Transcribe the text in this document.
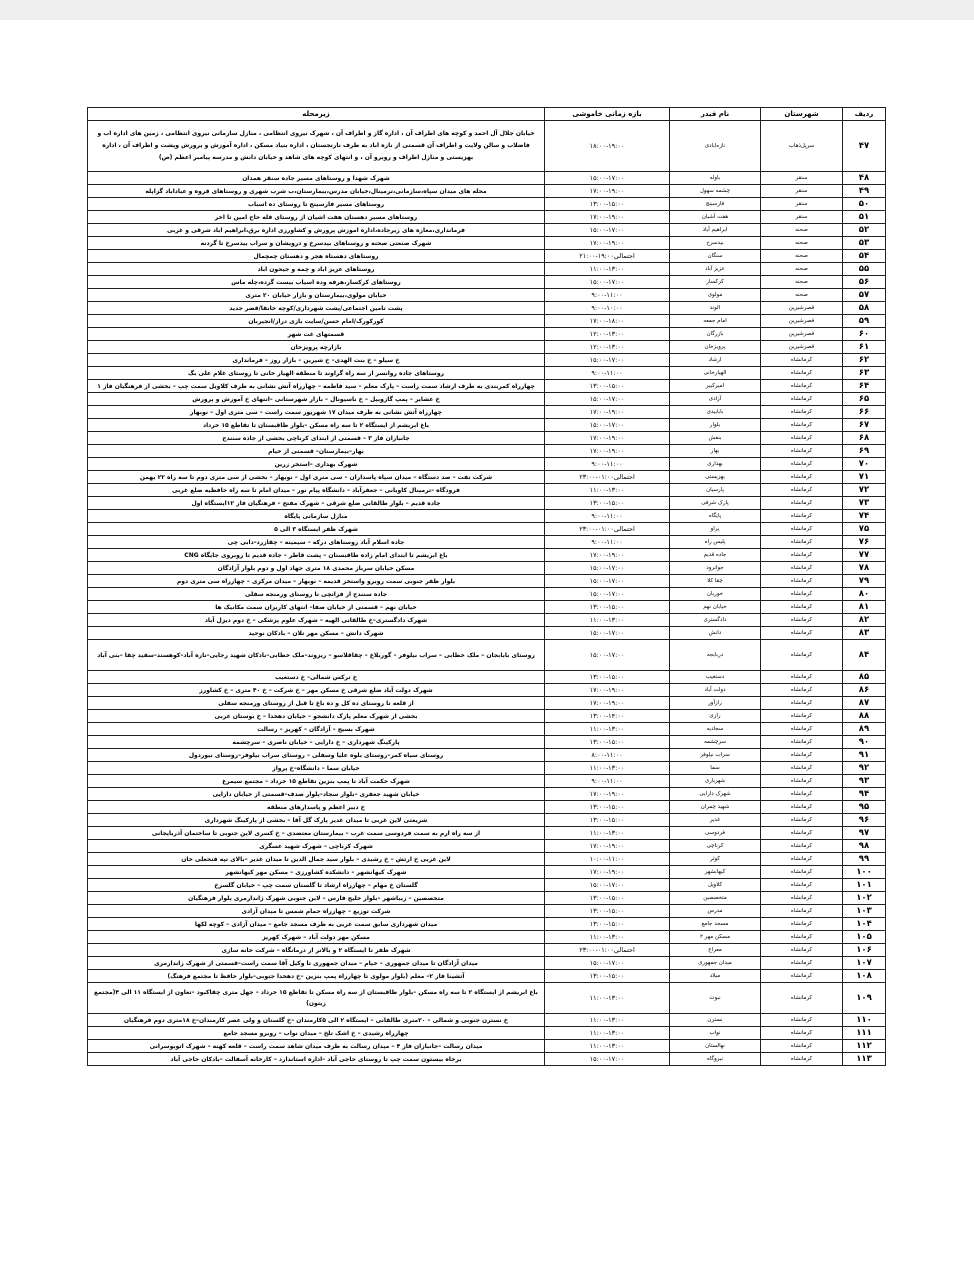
ردیف	شهرستان	نام فیدر	بازه زمانی خاموشی	زیرمحله
۴۷	سرپل‌ذهاب	نازه‌ابادی	۱۸:۰۰-۱۹:۰۰	خیابان جلال آل احمد و کوچه های اطراف آن ، اداره گاز و اطراف آن ، شهرک نیروی انتظامی ، منازل سازمانی نیروی انتظامی ، زمین های اداره اب و فاضلاب و سالن ولایت و اطراف آن قسمتی از نازه اباد به طرف نارنجستان ، اداره بنیاد مسکن ، اداره آموزش و پرورش وپشت و اطراف آن ، اداره بهزیستی و منازل اطراف و روبرو آن ، و انتهای کوچه های شاهد و خیابان دانش و مدرسه پیامبر اعظم (ص)
۴۸	سنقر	باوله	۱۵:۰۰-۱۷:۰۰	شهرک شهدا و روستاهای مسیر جاده سنقر همدان
۴۹	سنقر	چشمه سهول	۱۷:۰۰-۱۹:۰۰	محله های میدان سپاه،سازمانی،ترمینال،خیابان مدرس،بیمارستان،ب شرب شهری و روستاهای قروه و عباداباد گزاپله
۵۰	سنقر	فارسینج	۱۳:۰۰-۱۵:۰۰	روستاهای مسیر فارسینج تا روستای ده اسباب
۵۱	سنقر	هفت آشیان	۱۷:۰۰-۱۹:۰۰	روستاهای مسیر دهستان هفت اشیان از روستای قله حاج امین تا اخر
۵۲	صحنه	ابراهیم آباد	۱۵:۰۰-۱۷:۰۰	فرمانداری،مغازه های زیرجاده،اداره اموزش پرورش و کشاورزی اداره برق،ابراهیم اباد شرقی و غربی
۵۳	صحنه	بیدسرخ	۱۷:۰۰-۱۹:۰۰	شهرک صنعتی صحنه و روستاهای بیدسرخ و درویشان و سراب بیدسرخ تا گردنه
۵۴	صحنه	سنگان	۲۱:۰۰-۱۹:۰۰احتمالی	روستاهای دهستاه هجر و دهستان چمچمال
۵۵	صحنه	عزیز آباد	۱۱:۰۰-۱۳:۰۰	روستاهای عزیز اباد و چمه و جیحون اباد
۵۶	صحنه	کرکسار	۱۵:۰۰-۱۷:۰۰	روستاهای کرکسار،هرفه وده اسیاب بیست گرده،چله ماس
۵۷	صحنه	مولوی	۹:۰۰-۱۱:۰۰	خیابان مولوی،بیمارستان و بازار خیابان ۲۰ متری
۵۸	قصرشیرین	الوند	۹:۰۰-۱۰:۰۰	پشت تامین اجتماعی/پشت شهرداری/کوچه خانقا/قصر جدید
۵۹	قصرشیرین	امام جمعه	۱۷:۰۰-۱۸:۰۰	کورکورک/امام حسن/سایت بازی دراز/انجیربان
۶۰	قصرشیرین	بازرگان	۱۲:۰۰-۱۳:۰۰	قسمتهای غت شهر
۶۱	قصرشیرین	پرویزخان	۱۲:۰۰-۱۳:۰۰	بازارچه پرویزخان
۶۲	کرمانشاه	ارشاد	۱۵:۰۰-۱۷:۰۰	خ سیلو – خ بنت الهدی– خ شیرین – بازار روز – فرمانداری
۶۳	کرمانشاه	الهیارخانی	۹:۰۰-۱۱:۰۰	روستاهای جاده روانسر از سه راه گراوند تا منطقه الهیار خانی تا روستای غلام علی بگ
۶۴	کرمانشاه	امیرکبیر	۱۳:۰۰-۱۵:۰۰	چهارراه کمربندی به طرف ارشاد سمت راست – پارک معلم – سید فاطمه – چهارراه آتش نشانی به طرف کلاویل سمت چپ – بخشی از فرهنگیان فاز ۱
۶۵	کرمانشاه	آزادی	۱۵:۰۰-۱۷:۰۰	خ عشایر – پمپ گازوییل – خ ناسیونال – بازار شهرستانی –انتهای خ آموزش و پرورش
۶۶	کرمانشاه	بابابیدی	۱۷:۰۰-۱۹:۰۰	چهارراه آتش نشانی به طرف میدان ۱۷ شهریور سمت راست – سی متری اول – نوبهار
۶۷	کرمانشاه	بلوار	۱۵:۰۰-۱۷:۰۰	باغ ابریشم از ایستگاه ۲ تا سه راه مسکن –بلوار طاقبستان تا تقاطع ۱۵ خرداد
۶۸	کرمانشاه	بنفش	۱۷:۰۰-۱۹:۰۰	جانبازان فاز ۳ – قسمتی از ابتدای کرناچی بخشی از جاده سنندج
۶۹	کرمانشاه	بهار	۱۷:۰۰-۱۹:۰۰	بهار–بیمارستان– قسمتی از خیام
۷۰	کرمانشاه	بهداری	۹:۰۰-۱۱:۰۰	شهرک بهداری –استخر زرین
۷۱	کرمانشاه	بهزیستی	۲۳:۰۰-۰۱:۰۰احتمالی	شرکت نفت – صد دستگاه – میدان سپاه پاسداران – سی متری اول – نوبهار – بخشی از سی متری دوم تا سه راه ۲۲ بهمن
۷۲	کرمانشاه	پارسیان	۱۱:۰۰-۱۳:۰۰	فرودگاه –ترمینال کاویانی – جعفرآباد – دانشگاه پیام نور – میدان امام تا سه راه حافظیه ضلع غربی
۷۳	کرمانشاه	پارک شرقی	۱۳:۰۰-۱۵:۰۰	جاده قدیم – بلوار طالقانی ضلع شرقی – شهرک مفتح – فرهنگیان فاز ۱۲ایستگاه اول
۷۴	کرمانشاه	پایگاه	۹:۰۰-۱۱:۰۰	منازل سازمانی پایگاه
۷۵	کرمانشاه	پراو	۲۳:۰۰-۰۱:۰۰احتمالی	شهرک ظفر ایستگاه ۳ الی ۵
۷۶	کرمانشاه	پلیس راه	۹:۰۰-۱۱:۰۰	جاده اسلام آباد روستاهای درکه – سیمینه – چقازرد–دابی چی
۷۷	کرمانشاه	جاده قدیم	۱۷:۰۰-۱۹:۰۰	باغ ابریشم تا ابتدای امام زاده طاقبستان – پشت قاطر – جاده قدیم تا روبروی جایگاه CNG
۷۸	کرمانشاه	جوانرود	۱۵:۰۰-۱۷:۰۰	مسکن خیابان سرباز محمدی ۱۸ متری جهاد اول و دوم بلوار آزادگان
۷۹	کرمانشاه	چقا کلا	۱۵:۰۰-۱۷:۰۰	بلوار ظفر جنوبی سمت روبرو واستخر قدیمه – نوبهار – میدان مرکزی – چهارراه سی متری دوم
۸۰	کرمانشاه	خوربان	۱۵:۰۰-۱۷:۰۰	جاده سنندج از فرانچی تا روستای ورمنجه سفلی
۸۱	کرمانشاه	خیابان نهم	۱۳:۰۰-۱۵:۰۰	خیابان نهم – قسمتی از خیابان صفا– انتهای کاربزان سمت مکانیک ها
۸۲	کرمانشاه	دادگستری	۱۱:۰۰-۱۳:۰۰	شهرک دادگستری–خ طالقانی الهیه – شهرک علوم پزشکی – خ دوم دیزل آباد
۸۳	کرمانشاه	دانش	۱۵:۰۰-۱۷:۰۰	شهرک دانش – مسکن مهر تلان – بادکان نوحید
۸۴	کرمانشاه	دربابجه	۱۵:۰۰-۱۷:۰۰	روستای بابابجان – ملک خطابی – سراب نیلوفر – گوربلاغ – چقاقلاسو – ریزوند–ملک خطابی–بادکان شهید رجایی–نازه آباد–کوهسند–سفید چقا –بنی آباد
۸۵	کرمانشاه	دستغیب	۱۳:۰۰-۱۵:۰۰	خ ترکس شمالی– خ دستغیب
۸۶	کرمانشاه	دولت آباد	۱۷:۰۰-۱۹:۰۰	شهرک دولت آباد ضلع شرقی خ مسکن مهر – خ شرکت – خ ۴۰ متری – خ کشاورز
۸۷	کرمانشاه	رازآور	۱۷:۰۰-۱۹:۰۰	از قلعه تا روستای ده کل و ده باغ تا قبل از روستای ورمنجه سفلی
۸۸	کرمانشاه	رازی	۱۳:۰۰-۱۴:۰۰	بخشی از شهرک معلم پارک دانشجو – خیابان دهخدا – خ بوستان غربی
۸۹	کرمانشاه	سجادیه	۱۱:۰۰-۱۳:۰۰	شهرک بسیج – آزادگان – کهریز – رسالت
۹۰	کرمانشاه	سرچشمه	۱۳:۰۰-۱۵:۰۰	پارکینگ شهرداری – خ دارایی – خیابان ناصری – سرچشمه
۹۱	کرمانشاه	سراب نیلوفر	۸:۰۰-۱۱:۰۰	روستای سیاه کمر–روستای بلوه علیا وسفلی – روستای سراب نیلوفر–روستای نیوردول
۹۲	کرمانشاه	سما	۱۱:۰۰-۱۳:۰۰	خیابان سما – دانشگاه–خ پرواز
۹۳	کرمانشاه	شهرباری	۹:۰۰-۱۱:۰۰	شهرک حکمت آباد تا پمپ بنزین تقاطع ۱۵ خرداد – مجتمع سیمرغ
۹۴	کرمانشاه	شهرک دارایی	۱۷:۰۰-۱۹:۰۰	خیابان شهید جعفری –بلوار سجاد–بلوار صدف–قسمتی از خیابان دارایی
۹۵	کرمانشاه	شهید چمران	۱۳:۰۰-۱۵:۰۰	خ دبیر اعظم و پاسدارهای منطقه
۹۶	کرمانشاه	غدیر	۱۳:۰۰-۱۵:۰۰	شریعتی لاین غربی تا میدان غدیر پارک گل آقا – بخشی از پارکینگ شهرداری
۹۷	کرمانشاه	فردوسی	۱۱:۰۰-۱۳:۰۰	از سه راه ارم به سمت فردوسی سمت غرب – بیمارستان معتضدی – خ کسری لاین جنوبی تا ساختمان آذربایجانی
۹۸	کرمانشاه	کرناچی	۱۷:۰۰-۱۹:۰۰	شهرک کرناچی – شهرک شهید عسگری
۹۹	کرمانشاه	کوثر	۱۰:۰۰-۱۱:۰۰	لاین غربی خ ارتش – خ رشیدی – بلوار سید جمال الدین تا میدان غدیر –بالای تپه فتحعلی خان
۱۰۰	کرمانشاه	کیهانشهر	۱۷:۰۰-۱۹:۰۰	شهرک کیهانشهر – دانشکده کشاورزی – مسکن مهر کیهانشهر
۱۰۱	کرمانشاه	کلاویل	۱۵:۰۰-۱۷:۰۰	گلستان خ مهام – چهارراه ارشاد تا گلستان سمت چپ – خیابان گلسرخ
۱۰۲	کرمانشاه	متخصصین	۱۳:۰۰-۱۵:۰۰	متخصصین – زیباشهر –بلوار خلیج فارس – لاین جنوبی شهرک ژاندارمری بلوار فرهنگیان
۱۰۳	کرمانشاه	مدرس	۱۳:۰۰-۱۵:۰۰	شرکت توزیع – چهارراه حمام شمس تا میدان آزادی
۱۰۴	کرمانشاه	مسجد جامع	۱۳:۰۰-۱۵:۰۰	میدان شهرداری سابق سمت غربی به طرف مسجد جامع – میدان آزادی – کوچه لکها
۱۰۵	کرمانشاه	مسکن مهر ۲	۱۱:۰۰-۱۳:۰۰	مسکن مهر دولت آباد – شهرک کهریز
۱۰۶	کرمانشاه	معراج	۲۳:۰۰-۰۱:۰۰احتمالی	شهرک ظفر تا ایستگاه ۲ و بالاتر از درمانگاه – شرکت خانه سازی
۱۰۷	کرمانشاه	میدان جمهوری	۱۵:۰۰-۱۷:۰۰	میدان آزادگان تا میدان جمهوری – خیام – میدان جمهوری تا وکیل آقا سمت راست–قسمتی از شهرک زاندارمری
۱۰۸	کرمانشاه	میلاد	۱۳:۰۰-۱۵:۰۰	آتشینا فاز ۲– معلم (بلوار مولوی تا چهارراه پمپ بنزین –خ دهخدا جنوبی–بلوار حافظ تا مجتمع فرهنگ)
۱۰۹	کرمانشاه	نبوت	۱۱:۰۰-۱۳:۰۰	باغ ابریشم از ایستگاه ۲ تا سه راه مسکن –بلوار طاقبستان از سه راه مسکن تا تقاطع ۱۵ خرداد – جهل متری چقاکبود –تعاون از ایستگاه ۱۱ الی ۴(مجتمع زیتون)
۱۱۰	کرمانشاه	نسترن	۱۱:۰۰-۱۳:۰۰	خ نسترن جنوبی و شمالی – ۲۰متری طالقانی – ایستگاه ۲ الی ۵کارمندان –خ گلستان و ولی عصر کارمندان–خ ۱۸متری دوم فرهنگیان
۱۱۱	کرمانشاه	نواب	۱۱:۰۰-۱۳:۰۰	چهارراه رشیدی – خ اشک تلخ – میدان نواب – روبرو مسجد جامع
۱۱۲	کرمانشاه	نهالستان	۱۱:۰۰-۱۳:۰۰	میدان رسالت –جانبازان فاز ۴ – میدان رسالت به طرف میدان شاهد سمت راست – قلعه کهنه – شهرک اتوبوسرانی
۱۱۳	کرمانشاه	نیروگاه	۱۵:۰۰-۱۷:۰۰	برخاه بیستون سمت چپ تا روستای حاجی آباد –اداره استاندارد – کارخانه آسفالت –بادکان حاجی آباد
